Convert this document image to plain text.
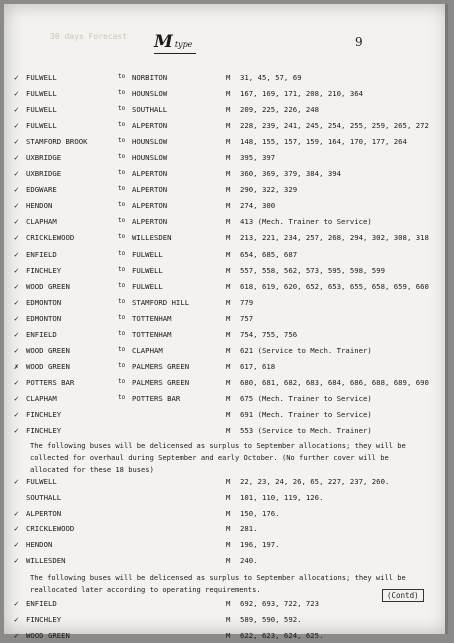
30 days Forecast Mtype	9
✓ FULWELL	to NORBITON	M 31, 45, 57, 69
✓ FULWELL	to HOUNSLOW	M 167, 169, 171, 208, 210, 364
✓ FULWELL	to SOUTHALL	M 209, 225, 226, 248
✓ FULWELL	to ALPERTON	M 228, 239, 241, 245, 254, 255, 259, 265, 272
✓ STAMFORD BROOK	to HOUNSLOW	M 148, 155, 157, 159, 164, 170, 177, 264
✓ UXBRIDGE	to HOUNSLOW	M 395, 397
✓ UXBRIDGE	to ALPERTON	M 360, 369, 379, 384, 394
✓ EDGWARE	to ALPERTON	M 290, 322, 329
✓ HENDON	to ALPERTON	M 274, 300
✓ CLAPHAM	to ALPERTON	M 413 (Mech. Trainer to Service)
✓ CRICKLEWOOD	to WILLESDEN	M 213, 221, 234, 257, 268, 294, 302, 308, 318
✓ ENFIELD	to FULWELL	M 654, 685, 687
✓ FINCHLEY	to FULWELL	M 557, 558, 562, 573, 595, 598, 599
✓ WOOD GREEN	to FULWELL	M 618, 619, 620, 652, 653, 655, 658, 659, 660
✓ EDMONTON	to STAMFORD HILL	M 779
✓ EDMONTON	to TOTTENHAM	M 757
✓ ENFIELD	to TOTTENHAM	M 754, 755, 756
✓ WOOD GREEN	to CLAPHAM	M 621 (Service to Mech. Trainer)
✗ WOOD GREEN	to PALMERS GREEN	M 617, 618
✓ POTTERS BAR	to PALMERS GREEN	M 680, 681, 682, 683, 684, 686, 688, 689, 690
✓ CLAPHAM	to POTTERS BAR	M 675 (Mech. Trainer to Service)
✓ FINCHLEY	M 691 (Mech. Trainer to Service)
✓ FINCHLEY	M 553 (Service to Mech. Trainer)
The following buses will be delicensed as surplus to September allocations; they will be collected for overhaul during September and early October. (No further cover will be allocated for these 18 buses)
✓ FULWELL	M 22, 23, 24, 26, 65, 227, 237, 260.
SOUTHALL	M 101, 110, 119, 126.
✓ ALPERTON	M 150, 176.
✓ CRICKLEWOOD	M 281.
✓ HENDON	M 196, 197.
✓ WILLESDEN	M 240.
The following buses will be delicensed as surplus to September allocations; they will be reallocated later according to operating requirements.
✓ ENFIELD	M 692, 693, 722, 723
✓ FINCHLEY	M 589, 590, 592.
✓ WOOD GREEN	M 622, 623, 624, 625.
(Contd)
